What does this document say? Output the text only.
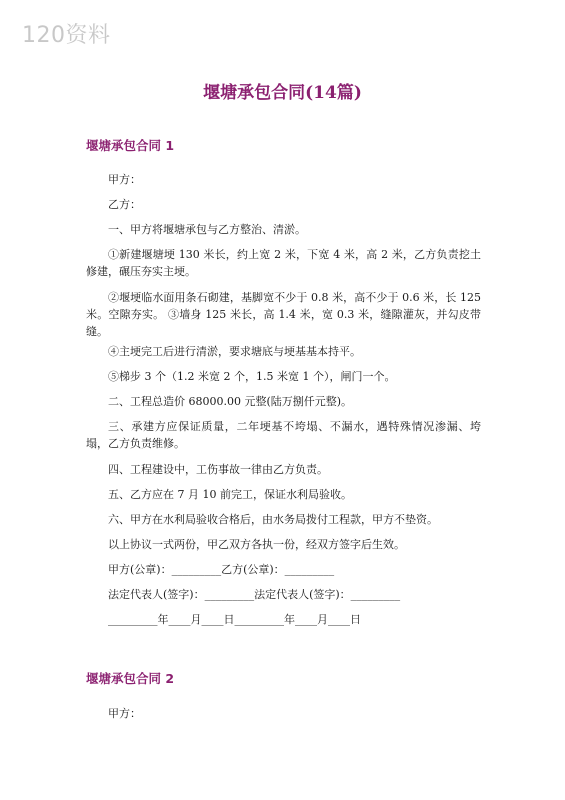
120资料
堰塘承包合同(14篇)
堰塘承包合同 1
甲方：
乙方：
一、甲方将堰塘承包与乙方整治、清淤。
①新建堰塘埂 130 米长，约上宽 2 米，下宽 4 米，高 2 米，乙方负责挖土修建，碾压夯实主埂。
②堰埂临水面用条石砌建，基脚宽不少于 0.8 米，高不少于 0.6 米，长 125 米。空隙夯实。 ③墙身 125 米长，高 1.4 米，宽 0.3 米，缝隙灌灰，并勾皮带缝。
④主埂完工后进行清淤，要求塘底与埂基基本持平。
⑤梯步 3 个（1.2 米宽 2 个，1.5 米宽 1 个），闸门一个。
二、工程总造价 68000.00 元整(陆万捌仟元整)。
三、承建方应保证质量，二年埂基不垮塌、不漏水，遇特殊情况渗漏、垮塌，乙方负责维修。
四、工程建设中，工伤事故一律由乙方负责。
五、乙方应在 7 月 10 前完工，保证水利局验收。
六、甲方在水利局验收合格后，由水务局拨付工程款，甲方不垫资。
以上协议一式两份，甲乙双方各执一份，经双方签字后生效。
甲方(公章)：_________乙方(公章)：_________
法定代表人(签字)：_________法定代表人(签字)：_________
_________年____月____日_________年____月____日
堰塘承包合同 2
甲方：
